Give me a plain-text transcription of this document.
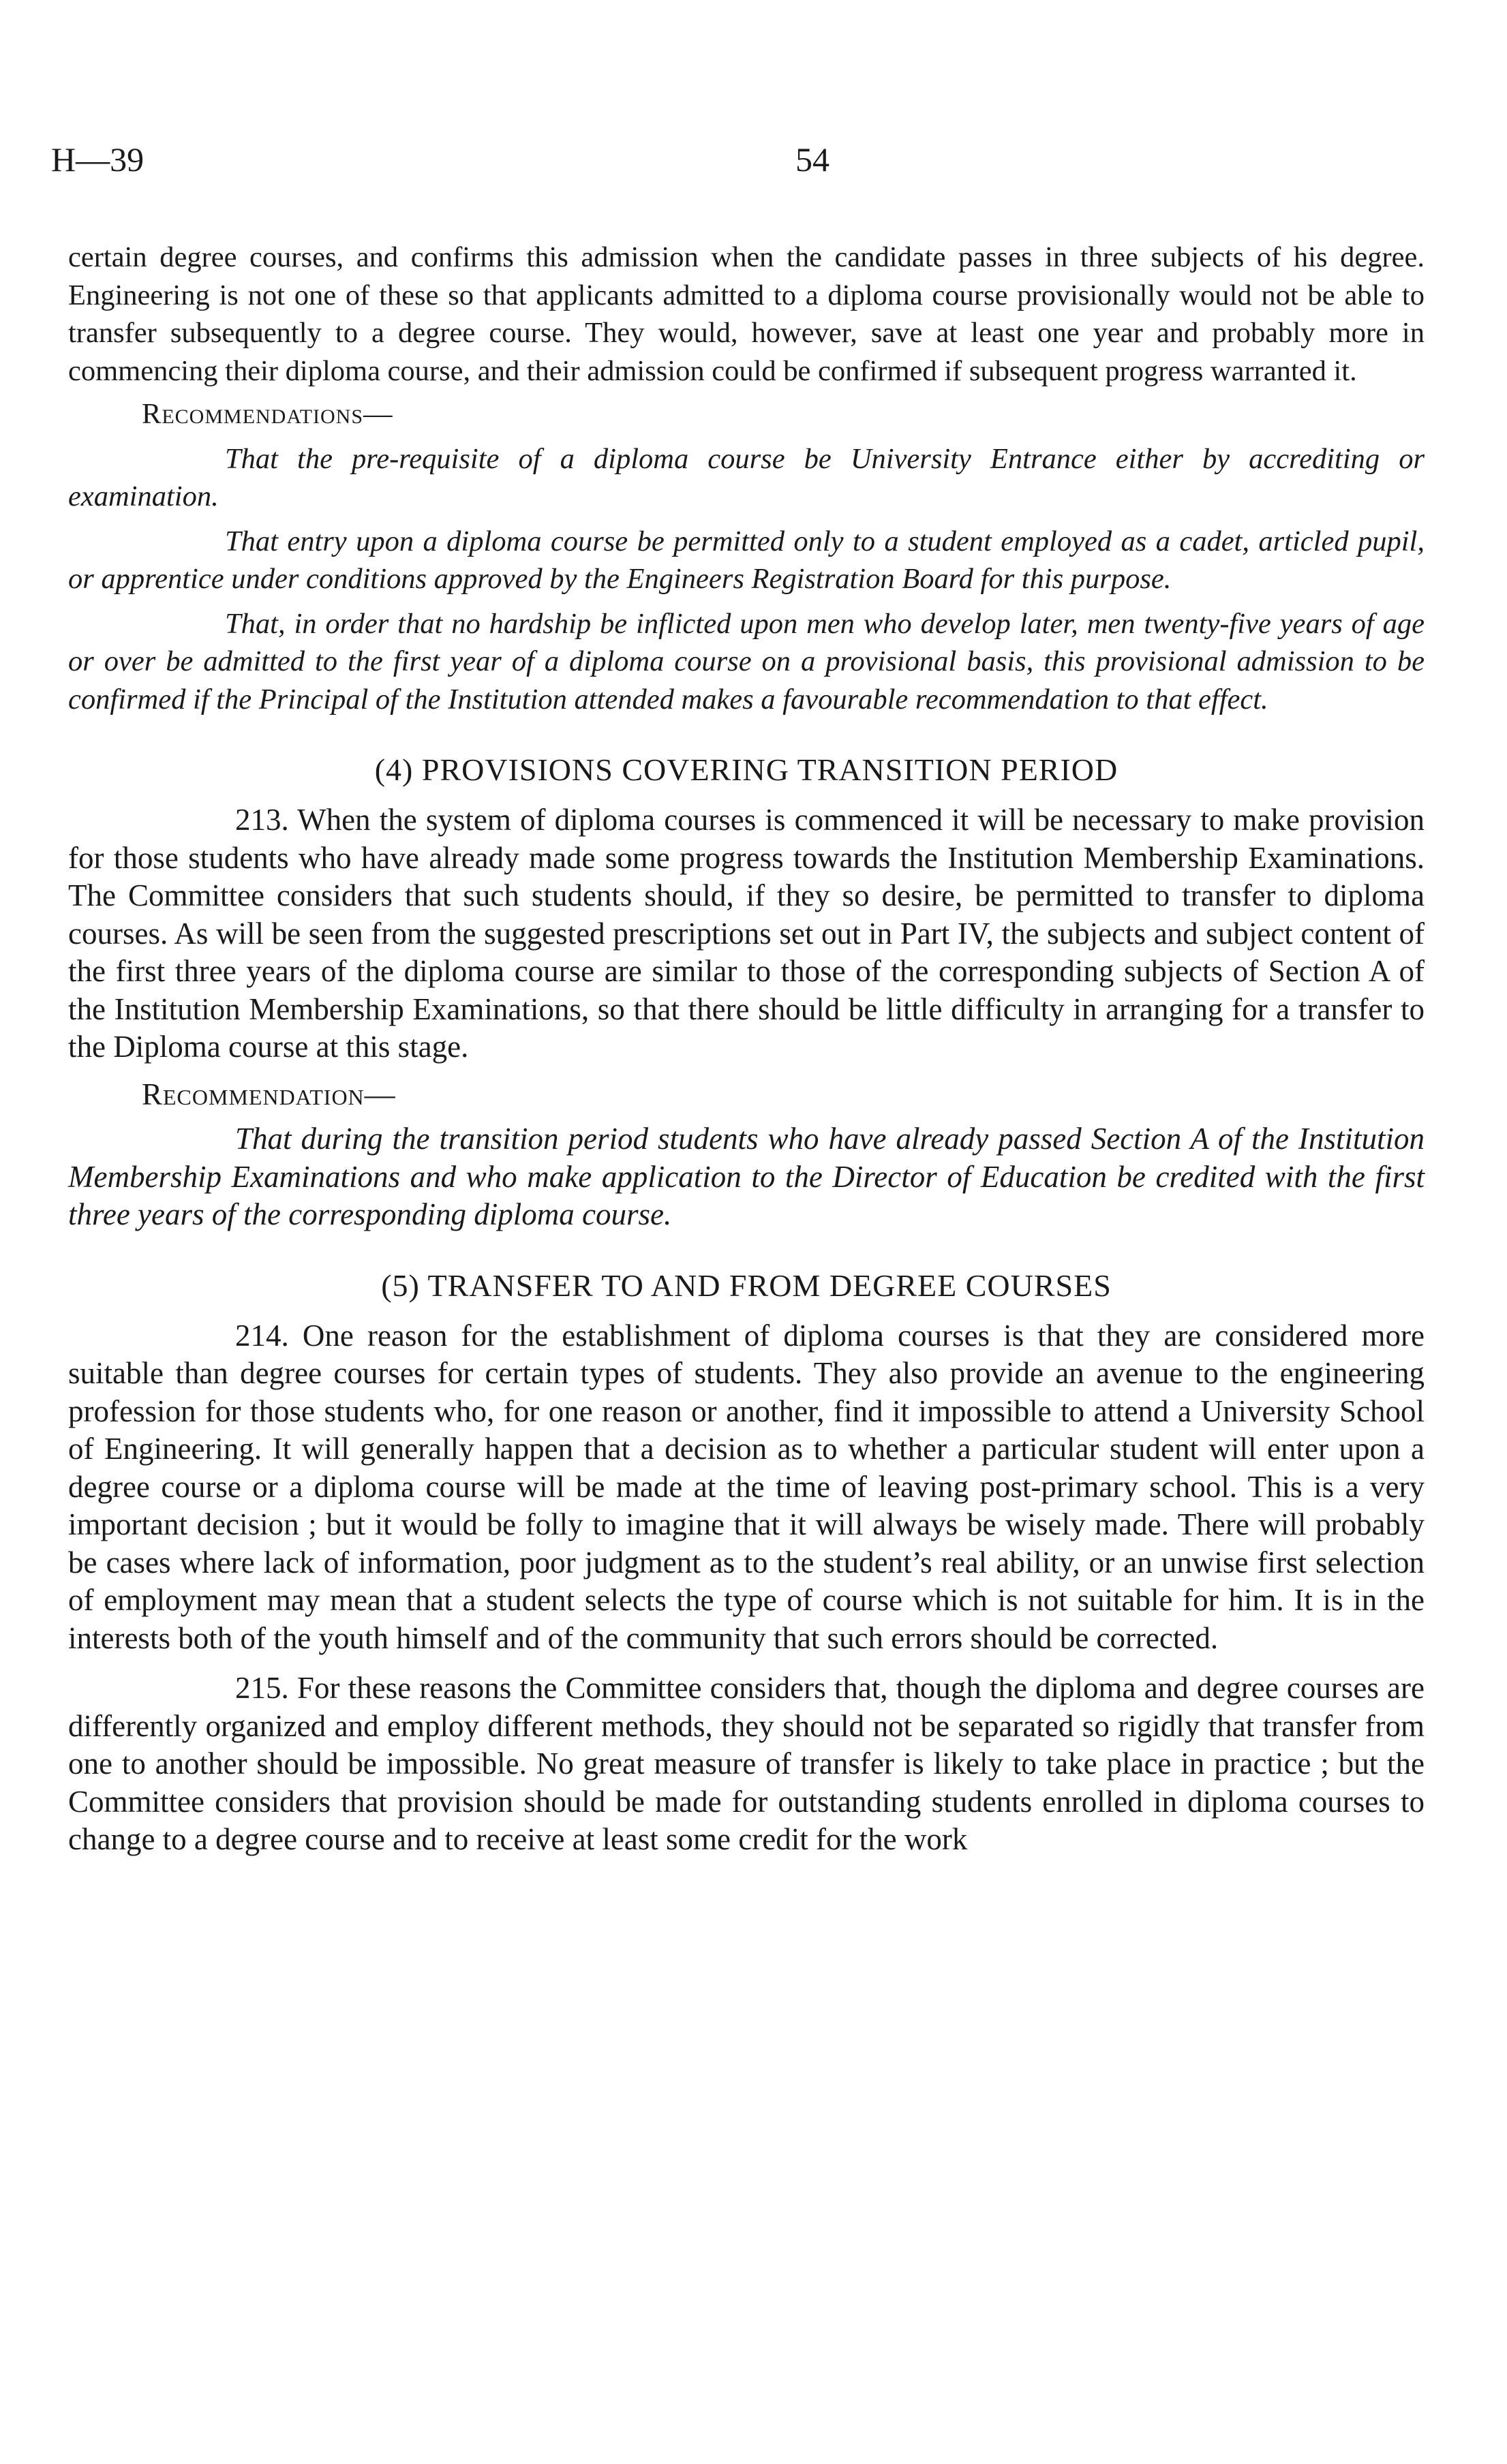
H—39	54

certain degree courses, and confirms this admission when the candidate passes in three subjects of his degree. Engineering is not one of these so that applicants admitted to a diploma course provisionally would not be able to transfer subsequently to a degree course. They would, however, save at least one year and probably more in commencing their diploma course, and their admission could be confirmed if subsequent progress warranted it.

Recommendations—

That the pre-requisite of a diploma course be University Entrance either by accrediting or examination.

That entry upon a diploma course be permitted only to a student employed as a cadet, articled pupil, or apprentice under conditions approved by the Engineers Registration Board for this purpose.

That, in order that no hardship be inflicted upon men who develop later, men twenty-five years of age or over be admitted to the first year of a diploma course on a provisional basis, this provisional admission to be confirmed if the Principal of the Institution attended makes a favourable recommendation to that effect.

(4) PROVISIONS COVERING TRANSITION PERIOD

213. When the system of diploma courses is commenced it will be necessary to make provision for those students who have already made some progress towards the Institution Membership Examinations. The Committee considers that such students should, if they so desire, be permitted to transfer to diploma courses. As will be seen from the suggested prescriptions set out in Part IV, the subjects and subject content of the first three years of the diploma course are similar to those of the corresponding subjects of Section A of the Institution Membership Examinations, so that there should be little difficulty in arranging for a transfer to the Diploma course at this stage.

Recommendation—

That during the transition period students who have already passed Section A of the Institution Membership Examinations and who make application to the Director of Education be credited with the first three years of the corresponding diploma course.

(5) TRANSFER TO AND FROM DEGREE COURSES

214. One reason for the establishment of diploma courses is that they are considered more suitable than degree courses for certain types of students. They also provide an avenue to the engineering profession for those students who, for one reason or another, find it impossible to attend a University School of Engineering. It will generally happen that a decision as to whether a particular student will enter upon a degree course or a diploma course will be made at the time of leaving post-primary school. This is a very important decision ; but it would be folly to imagine that it will always be wisely made. There will probably be cases where lack of information, poor judgment as to the student’s real ability, or an unwise first selection of employment may mean that a student selects the type of course which is not suitable for him. It is in the interests both of the youth himself and of the community that such errors should be corrected.

215. For these reasons the Committee considers that, though the diploma and degree courses are differently organized and employ different methods, they should not be separated so rigidly that transfer from one to another should be impossible. No great measure of transfer is likely to take place in practice ; but the Committee considers that provision should be made for outstanding students enrolled in diploma courses to change to a degree course and to receive at least some credit for the work
